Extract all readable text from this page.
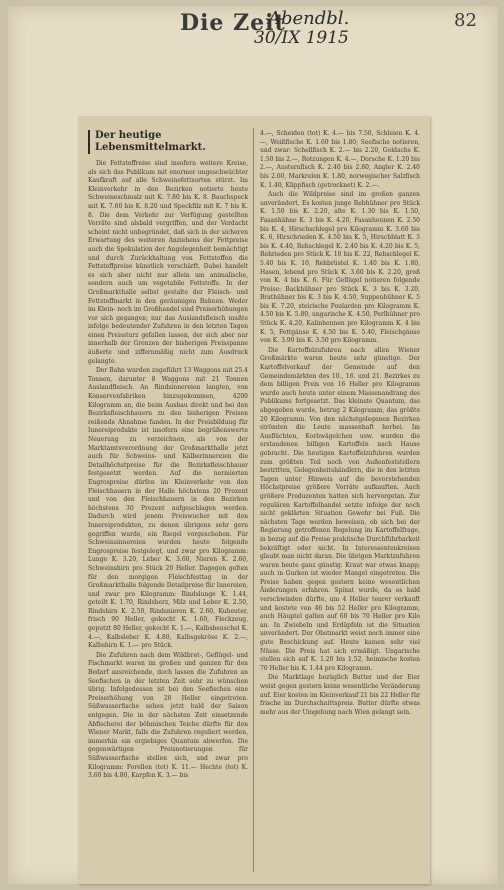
Die Zeit
Abendbl.
30/IX 1915
82
Der heutige Lebensmittelmarkt.

Die Fettstoffreise sind insofern weitere Kreise, als sich das Publikum mit enormer ungeschwächter Kaufkraft auf alle Schweinefettsorten stürzt. Im Kleinverkehr in den Bezirken notierte heute Schweineschmalz mit K. 7.80 bis K. 8. Bauchspeck mit K. 7.60 bis K. 8.20 und Speckfilz mit K. 7 bis K. 8. Die dem Verkehr zur Verfügung gestellten Vorräte sind alsbald vergriffen, und der Verdacht scheint nicht unbegründet, daß sich in der sicheren Erwartung des weiteren Anziehens der Fettpreise auch die Spekulation der Angelegenheit bemächtigt und durch Zurückhaltung von Fettstoffen die Fettstoffpreise künstlich verschärft. Dabei handelt es sich aber nicht nur allein um animalische, sondern auch um vegetabile Fettstoffe. In der Großmarkthalle selbst gestalte der Fleisch- und Fettstoffmarkt in den geräumigen Bahnen. Weder im Klein- noch im Großhandel sind Preiserhöhungen vor sich gegangen; nur das Auslandsfleisch mußte infolge bedeutender Zufuhren in den letzten Tagen einen Preissturz gefallen lassen, der sich aber nur innerhalb der Grenzen der bisherigen Preisspanne äußerte und ziffernmäßig nicht zum Ausdruck gelangte.

Der Bahn wurden zugeführt 13 Waggons mit 25.4 Tonnen, darunter 8 Waggons mit 21 Tonnen Auslandfleisch. An Rindsinnereien langten, von Konservenfabriken hinzugekommen, 4200 Kilogramm an, die beim Ausbau direkt und bei den Bezirksfleischhauern zu den bisherigen Preisen reißende Abnahme fanden. In der Preisbildung für Innereiprodukte ist insofern eine begrüßenswerte Neuerung zu verzeichnen, als von der Marktamtsverordnung der Großmarkthalle jetzt auch für Schweins- und Kälberinnereien die Detailhöchstpreise für die Bezirksfleischhauer festgesetzt werden. Auf die normierten Engrospreise dürfen im Kleinverkehr von den Fleischhauern in der Halle höchstens 20 Prozent und von den Fleischhauern in den Bezirken höchstens 30 Prozent aufgeschlagen werden. Dadurch wird jenem Preiswucher mit den Innereiprodukten, zu denen übrigens sehr gern gegriffen wurde, ein Riegel vorgeschoben. Für Schweinsinnereien wurden heute folgende Engrospreise festgelegt, und zwar pro Kilogramm: Lunge K. 3.20, Leber K. 3.60, Nieren K. 2.60, Schweinshirn pro Stück 20 Heller. Dagegen gelten für den morgigen Fleischfesttag in der Großmarkthalle folgende Detailpreise für Innereien, und zwar pro Kilogramm: Rindslunge K. 1.44, geteilt K. 1.70, Rindsherz, Milz und Leber K. 2.50, Rindshirn K. 2.50, Rindsnieren K. 2.60, Kuheuter, frisch 90 Heller, gekocht K. 1.60, Fleckzeug, geputzt 80 Heller, gekocht K. 1.—, Kalbsbeuschel K. 4.—, Kalbsleber K. 4.80, Kalbsgekröse K. 2.—, Kalbshirn K. 1.— pro Stück.

Die Zufuhren nach dem Wildbret-, Geflügel- und Fischmarkt waren im großen und ganzen für den Bedarf ausreichende, doch lassen die Zufuhren an Seefischen in der letzten Zeit sehr zu wünschen übrig. Infolgedessen ist bei den Seefischen eine Preiserhöhung von 20 Heller eingetreten. Süßwasserfische sehen jetzt bald der Saison entgegen. Die in der nächsten Zeit einsetzende Abfischerei der böhmischen Teiche dürfte für den Wiener Markt, falls die Zufuhren reguliert werden, immerhin ein ergiebiges Quantum abwerfen. Die gegenwärtigen Preisnotierungen für Süßwasserfische stellen sich, und zwar pro Kilogramm: Forellen (tot) K. 11.— Hechte (tot) K. 3.60 bis 4.80, Karpfen K. 3.— bis

4.—, Scheiden (tot) K. 4.— bis 7.50, Schleien K. 4.—, Weißfische K. 1.60 bis 1.80; Seefische notieren, und zwar: Schellfisch K. 2.— bis 2.20, Goldachs K. 1.50 bis 2.—, Rotzungen K. 4.—, Dorsche K. 1.20 bis 2.—, Austernfisch K. 2.40 bis 2.80, Angler K. 2.40 bis 2.60, Markrelen K. 1.80, norwegischer Salzfisch K. 1.40, Klippfisch (getrocknet) K. 2.—.

Auch die Wildpreise sind im großen ganzen unverändert. Es kosten junge Rebhühner pro Stück K. 1.50 bis K. 2.20, alte K. 1.30 bis K. 1.50, Fasanhähne K. 3 bis K. 4.20, Fasanhennen K. 2.50 bis K. 4, Hirschschlegel pro Kilogramm K. 3.60 bis K. 6, Hirschrieden K. 4.50 bis K. 5, Hirschblatt K. 3 bis K. 4.40, Rehschlegel K. 2.40 bis K. 4.20 bis K. 5, Rehrieden pro Stück K. 10 bis K. 22, Rehschlegel K. 5.40 bis K. 10, Rehbrüstel K. 1.40 bis K. 1.80, Hasen, lebend pro Stück K. 3.60 bis K. 2.20, groß von K. 4 bis K. 6. Für Geflügel notieren folgende Preise: Backhühner pro Stück K. 3 bis K. 3.20, Brathühner bis K. 3 bis K. 4.50, Suppenhühner K. 5 bis K. 7.20, steirische Poularden pro Kilogramm K. 4.50 bis K. 5.80, ungarische K. 4.50, Perlhühner pro Stück K. 4.20, Kalinhennen pro Kilogramm K. 4 bis K. 5, Fettgänse K. 4.50 bis K. 5.40, Fleischgänse von K. 3.90 bis K. 3.50 pro Kilogramm.

Die Kartoffelzufuhren nach allen Wiener Großmärkte waren heute sehr günstige. Der Kartoffelverkauf der Gemeinde auf den Gemeindemärkten des 10., 16. und 21. Bezirkes zu dem billigen Preis von 16 Heller pro Kilogramm wurde auch heute unter einem Massenandrang des Publikums fortgesetzt. Das kleinste Quantum, das abgegeben wurde, betrug 2 Kilogramm, das größte 20 Kilogramm. Von den nächstgelegenen Bezirken strömten die Leute massenhaft herbei. Im Ausflüchten, Korbwägelchen usw. wurden die erstandenen billigen Kartoffeln nach Hause gebracht. Die heutigen Kartoffelzufuhren wurden zum größten Teil noch von Außenfeststellern bestritten, Gelegenheitshändlern, die in den letzten Tagen unter Hinweis auf die bevorstehenden Höchstpreise größere Vorräte aufkauften. Auch größere Produzenten hatten sich hervorgetan. Zur regulären Kartoffelhandel setzte infolge der noch nicht geklärten Situation Gewehr bei Fuß. Die nächsten Tage werden beweisen, ob sich bei der Regierung getroffenen Regelung im Kartoffelfrage, in bezug auf die Preise praktische Durchführbarkeit bekräftigt oder nicht. In Interessentenkreisen glaubt man nicht daran. Die übrigen Marktzufuhren waren heute ganz günstig. Kraut war etwas knapp; auch in Gurken ist wieder Mangel eingetreten. Die Preise haben gegen gestern keine wesentlichen Änderungen erfahren. Spinat wurde, da es bald verschwinden dürfte, um 4 Heller teurer verkauft und kostete von 46 bis 52 Heller pro Kilogramm, auch Häuptel galten auf 60 bis 70 Heller pro Kilo an. In Zwiebeln und Erdäpfeln ist die Situation unverändert. Der Obstmarkt weist noch immer eine gute Beschickung auf. Heute kamen sehr viel Nüsse. Die Preis hat sich ermäßigt. Ungarische stellen sich auf K. 1.20 bis 1.52, heimische kosten 70 Heller bis K. 1.44 pro Kilogramm.

Die Marktlage bezüglich Butter und der Eier weist gegen gestern keine wesentliche Veränderung auf. Eier kosten im Kleinverkauf 21 bis 22 Heller für frische im Durchschnittspreis. Butter dürfte etwas mehr aus der Umgebung nach Wien gelangt sein.
